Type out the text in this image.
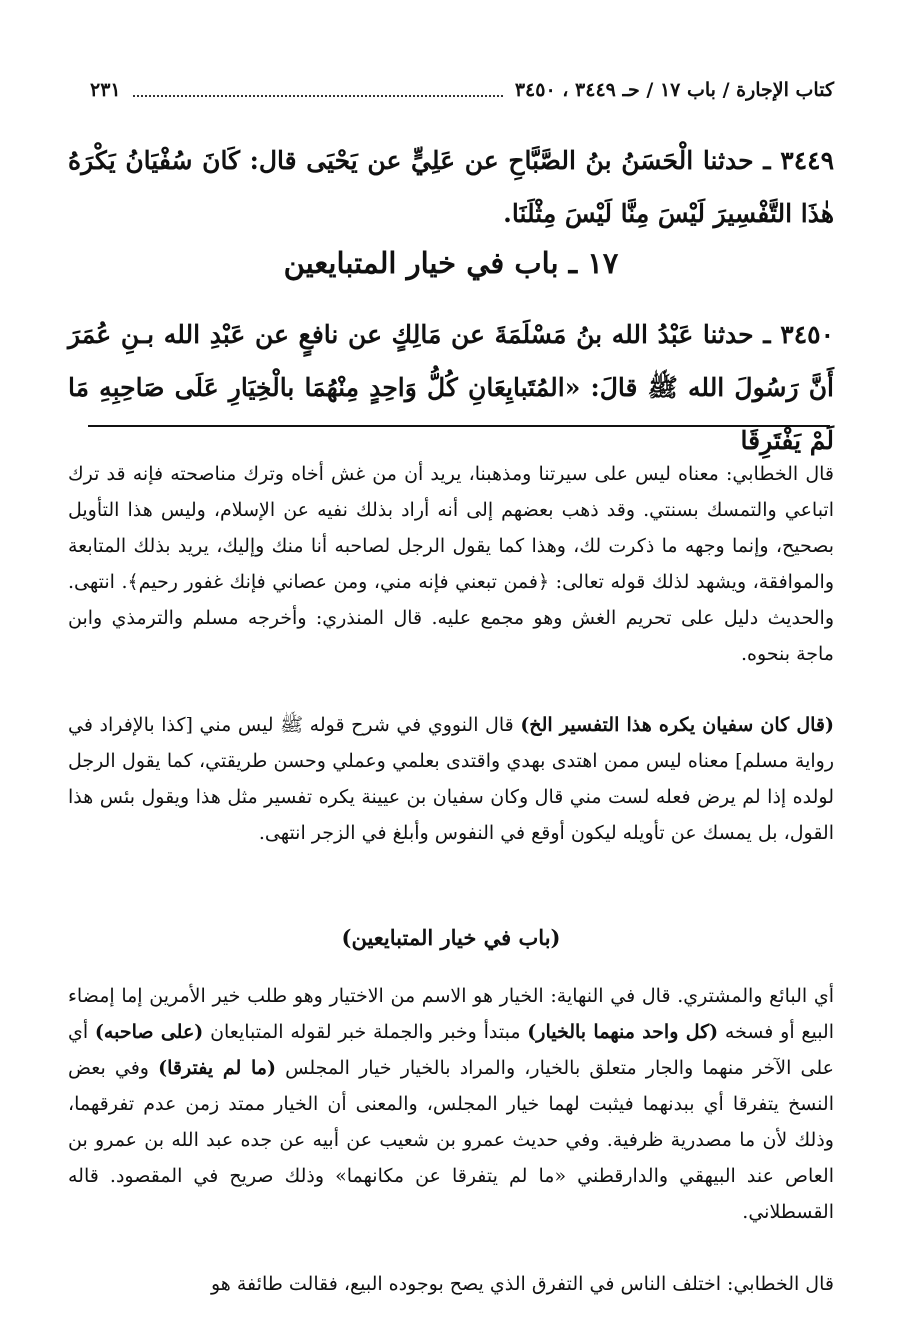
كتاب الإجارة / باب ١٧ / حـ ٣٤٤٩ ، ٣٤٥٠
٢٣١

٣٤٤٩ ـ حدثنا الْحَسَنُ بنُ الصَّبَّاحِ عن عَلِيٍّ عن يَحْيَى قال: كَانَ سُفْيَانُ يَكْرَهُ هٰذَا التَّفْسِيرَ لَيْسَ مِنَّا لَيْسَ مِثْلَنَا.

١٧ ـ باب في خيار المتبايعين

٣٤٥٠ ـ حدثنا عَبْدُ الله بنُ مَسْلَمَةَ عن مَالِكٍ عن نافعٍ عن عَبْدِ الله بـنِ عُمَرَ أَنَّ رَسُولَ الله ﷺ قالَ: «المُتَبايِعَانِ كُلُّ وَاحِدٍ مِنْهُمَا بالْخِيَارِ عَلَى صَاحِبِهِ مَا لَمْ يَفْتَرِقَا

قال الخطابي: معناه ليس على سيرتنا ومذهبنا، يريد أن من غش أخاه وترك مناصحته فإنه قد ترك اتباعي والتمسك بسنتي. وقد ذهب بعضهم إلى أنه أراد بذلك نفيه عن الإسلام، وليس هذا التأويل بصحيح، وإنما وجهه ما ذكرت لك، وهذا كما يقول الرجل لصاحبه أنا منك وإليك، يريد بذلك المتابعة والموافقة، ويشهد لذلك قوله تعالى: ﴿فمن تبعني فإنه مني، ومن عصاني فإنك غفور رحيم﴾. انتهى. والحديث دليل على تحريم الغش وهو مجمع عليه. قال المنذري: وأخرجه مسلم والترمذي وابن ماجة بنحوه.

(قال كان سفيان يكره هذا التفسير الخ) قال النووي في شرح قوله ﷺ ليس مني [كذا بالإفراد في رواية مسلم] معناه ليس ممن اهتدى بهدي واقتدى بعلمي وعملي وحسن طريقتي، كما يقول الرجل لولده إذا لم يرض فعله لست مني قال وكان سفيان بن عيينة يكره تفسير مثل هذا ويقول بئس هذا القول، بل يمسك عن تأويله ليكون أوقع في النفوس وأبلغ في الزجر انتهى.

(باب في خيار المتبايعين)

أي البائع والمشتري. قال في النهاية: الخيار هو الاسم من الاختيار وهو طلب خير الأمرين إما إمضاء البيع أو فسخه (كل واحد منهما بالخيار) مبتدأ وخبر والجملة خبر لقوله المتبايعان (على صاحبه) أي على الآخر منهما والجار متعلق بالخيار، والمراد بالخيار خيار المجلس (ما لم يفترقا) وفي بعض النسخ يتفرقا أي ببدنهما فيثبت لهما خيار المجلس، والمعنى أن الخيار ممتد زمن عدم تفرقهما، وذلك لأن ما مصدرية ظرفية. وفي حديث عمرو بن شعيب عن أبيه عن جده عبد الله بن عمرو بن العاص عند البيهقي والدارقطني «ما لم يتفرقا عن مكانهما» وذلك صريح في المقصود. قاله القسطلاني.

قال الخطابي: اختلف الناس في التفرق الذي يصح بوجوده البيع، فقالت طائفة هو
